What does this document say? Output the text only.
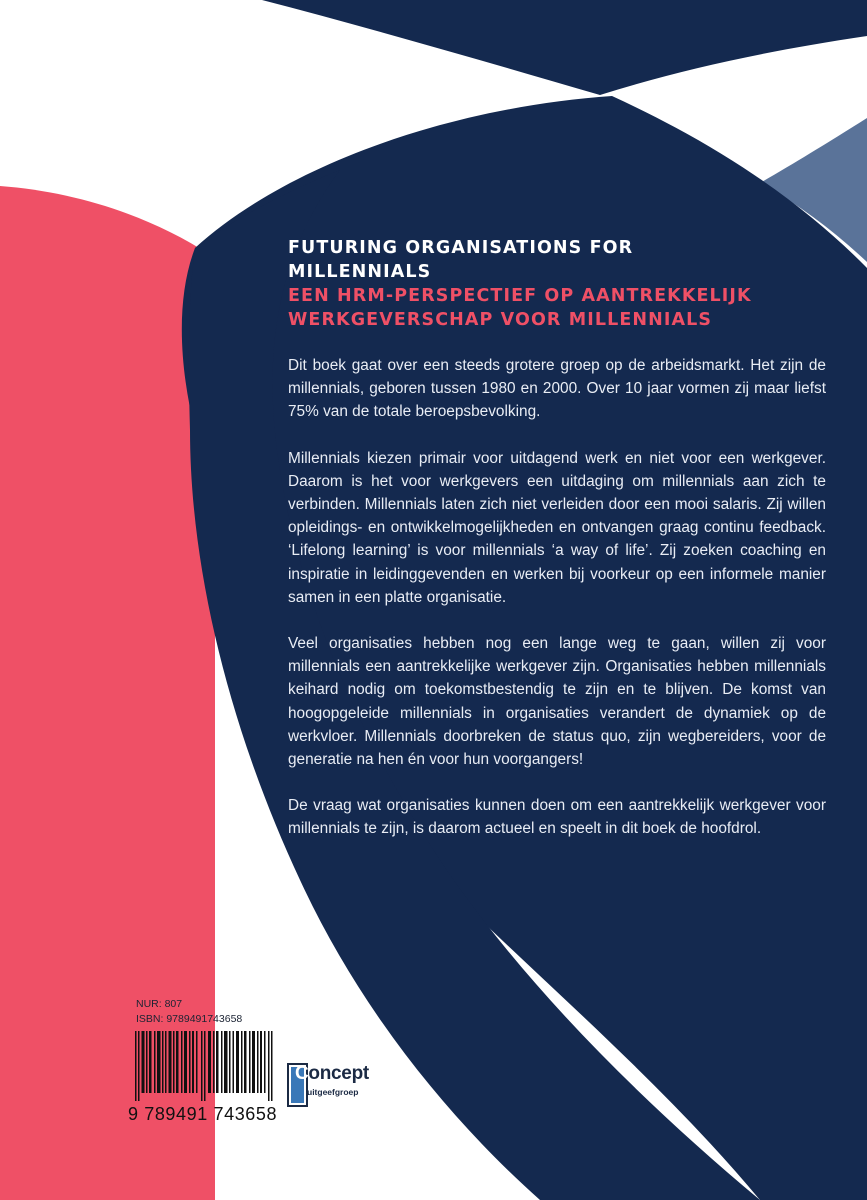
FUTURING ORGANISATIONS FOR

MILLENNIALS

EEN HRM-PERSPECTIEF OP AANTREKKELIJK

WERKGEVERSCHAP VOOR MILLENNIALS

Dit boek gaat over een steeds grotere groep op de arbeidsmarkt. Het zijn de millennials, geboren tussen 1980 en 2000. Over 10 jaar vormen zij maar liefst 75% van de totale beroepsbevolking.

Millennials kiezen primair voor uitdagend werk en niet voor een werkgever. Daarom is het voor werkgevers een uitdaging om millennials aan zich te verbinden. Millennials laten zich niet verleiden door een mooi salaris. Zij willen opleidings- en ontwikkelmogelijkheden en ontvangen graag continu feedback. ‘Lifelong learning’ is voor millennials ‘a way of life’. Zij zoeken coaching en inspiratie in leidinggevenden en werken bij voorkeur op een informele manier samen in een platte organisatie.

Veel organisaties hebben nog een lange weg te gaan, willen zij voor millennials een aantrekkelijke werkgever zijn. Organisaties hebben millennials keihard nodig om toekomstbestendig te zijn en te blijven. De komst van hoogopgeleide millennials in organisaties verandert de dynamiek op de werkvloer. Millennials doorbreken de status quo, zijn wegbereiders, voor de generatie na hen én voor hun voorgangers!

De vraag wat organisaties kunnen doen om een aantrekkelijk werkgever voor millennials te zijn, is daarom actueel en speelt in dit boek de hoofdrol.

NUR: 807
ISBN: 9789491743658
9 789491 743658
Concept
uitgeefgroep
